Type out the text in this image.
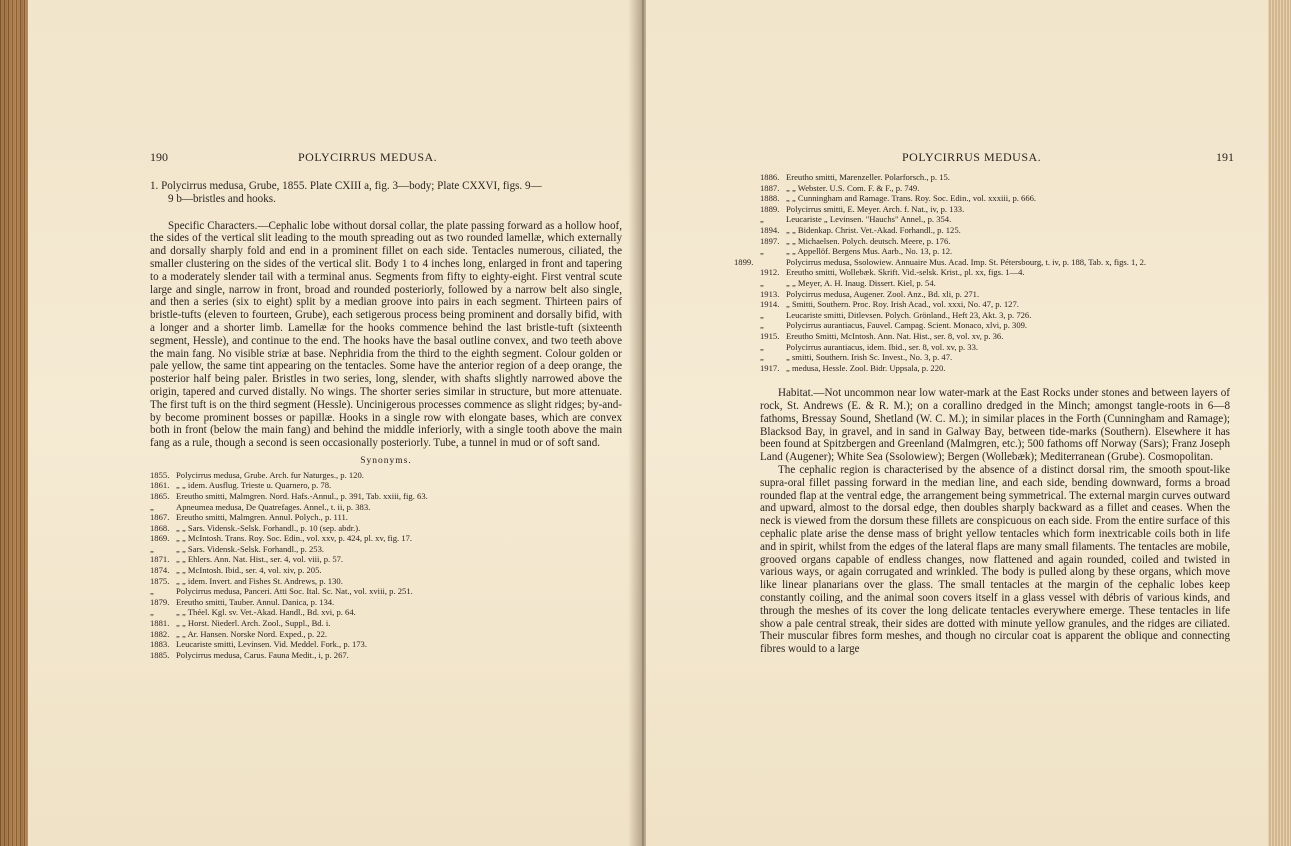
190	POLYCIRRUS MEDUSA.

1. Polycirrus medusa, Grube, 1855. Plate CXIII a, fig. 3—body; Plate CXXVI, figs. 9—
9 b—bristles and hooks.

Specific Characters.—Cephalic lobe without dorsal collar, the plate passing forward as a hollow hoof, the sides of the vertical slit leading to the mouth spreading out as two rounded lamellæ, which externally and dorsally sharply fold and end in a prominent fillet on each side. Tentacles numerous, ciliated, the smaller clustering on the sides of the vertical slit. Body 1 to 4 inches long, enlarged in front and tapering to a moderately slender tail with a terminal anus. Segments from fifty to eighty-eight. First ventral scute large and single, narrow in front, broad and rounded posteriorly, followed by a narrow belt also single, and then a series (six to eight) split by a median groove into pairs in each segment. Thirteen pairs of bristle-tufts (eleven to fourteen, Grube), each setigerous process being prominent and dorsally bifid, with a longer and a shorter limb. Lamellæ for the hooks commence behind the last bristle-tuft (sixteenth segment, Hessle), and continue to the end. The hooks have the basal outline convex, and two teeth above the main fang. No visible striæ at base. Nephridia from the third to the eighth segment. Colour golden or pale yellow, the same tint appearing on the tentacles. Some have the anterior region of a deep orange, the posterior half being paler. Bristles in two series, long, slender, with shafts slightly narrowed above the origin, tapered and curved distally. No wings. The shorter series similar in structure, but more attenuate. The first tuft is on the third segment (Hessle). Uncinigerous processes commence as slight ridges; by-and-by become prominent bosses or papillæ. Hooks in a single row with elongate bases, which are convex both in front (below the main fang) and behind the middle inferiorly, with a single tooth above the main fang as a rule, though a second is seen occasionally posteriorly. Tube, a tunnel in mud or of soft sand.

Synonyms.
1855. Polycirrus medusa, Grube. Arch. fur Naturges., p. 120.
1861. „ „ idem. Ausflug. Trieste u. Quarnero, p. 78.
1865. Ereutho smitti, Malmgren. Nord. Hafs.-Annul., p. 391, Tab. xxiii, fig. 63.
„	Apneumea medusa, De Quatrefages. Annel., t. ii, p. 383.
1867. Ereutho smitti, Malmgren. Annul. Polych., p. 111.
1868. „ „ Sars. Vidensk.-Selsk. Forhandl., p. 10 (sep. abdr.).
1869. „ „ McIntosh. Trans. Roy. Soc. Edin., vol. xxv, p. 424, pl. xv, fig. 17.
„	„ „ Sars. Vidensk.-Selsk. Forhandl., p. 253.
1871. „ „ Ehlers. Ann. Nat. Hist., ser. 4, vol. viii, p. 57.
1874. „ „ McIntosh. Ibid., ser. 4, vol. xiv, p. 205.
1875. „ „ idem. Invert. and Fishes St. Andrews, p. 130.
„	Polycirrus medusa, Panceri. Atti Soc. Ital. Sc. Nat., vol. xviii, p. 251.
1879. Ereutho smitti, Tauber. Annul. Danica, p. 134.
„	„ „ Théel. Kgl. sv. Vet.-Akad. Handl., Bd. xvi, p. 64.
1881. „ „ Horst. Niederl. Arch. Zool., Suppl., Bd. i.
1882. „ „ Ar. Hansen. Norske Nord. Exped., p. 22.
1883. Leucariste smitti, Levinsen. Vid. Meddel. Fork., p. 173.
1885. Polycirrus medusa, Carus. Fauna Medit., i, p. 267.
POLYCIRRUS MEDUSA.	191
1886. Ereutho smitti, Marenzeller. Polarforsch., p. 15.
1887. „ „ Webster. U.S. Com. F. & F., p. 749.
1888. „ „ Cunningham and Ramage. Trans. Roy. Soc. Edin., vol. xxxiii, p. 666.
1889. Polycirrus smitti, E. Meyer. Arch. f. Nat., iv, p. 133.
„	Leucariste „ Levinsen. "Hauchs" Annel., p. 354.
1894. „ „ Bidenkap. Christ. Vet.-Akad. Forhandl., p. 125.
1897. „ „ Michaelsen. Polych. deutsch. Meere, p. 176.
„	„ „ Appellöf. Bergens Mus. Aarb., No. 13, p. 12.
1899.	Polycirrus medusa, Ssolowiew. Annuaire Mus. Acad. Imp. St. Pétersbourg, t. iv, p. 188, Tab. x, figs. 1, 2.
1912. Ereutho smitti, Wollebæk. Skrift. Vid.-selsk. Krist., pl. xx, figs. 1—4.
„	„ „ Meyer, A. H. Inaug. Dissert. Kiel, p. 54.
1913. Polycirrus medusa, Augener. Zool. Anz., Bd. xli, p. 271.
1914. „ Smitti, Southern. Proc. Roy. Irish Acad., vol. xxxi, No. 47, p. 127.
„	Leucariste smitti, Ditlevsen. Polych. Grönland., Heft 23, Akt. 3, p. 726.
„	Polycirrus aurantiacus, Fauvel. Campag. Scient. Monaco, xlvi, p. 309.
1915. Ereutho Smitti, McIntosh. Ann. Nat. Hist., ser. 8, vol. xv, p. 36.
„	Polycirrus aurantiacus, idem. Ibid., ser. 8, vol. xv, p. 33.
„	„ smitti, Southern. Irish Sc. Invest., No. 3, p. 47.
1917. „ medusa, Hessle. Zool. Bidr. Uppsala, p. 220.

Habitat.—Not uncommon near low water-mark at the East Rocks under stones and between layers of rock, St. Andrews (E. & R. M.); on a corallino dredged in the Minch; amongst tangle-roots in 6—8 fathoms, Bressay Sound, Shetland (W. C. M.); in similar places in the Forth (Cunningham and Ramage); Blacksod Bay, in gravel, and in sand in Galway Bay, between tide-marks (Southern). Elsewhere it has been found at Spitzbergen and Greenland (Malmgren, etc.); 500 fathoms off Norway (Sars); Franz Joseph Land (Augener); White Sea (Ssolowiew); Bergen (Wollebæk); Mediterranean (Grube). Cosmopolitan.

The cephalic region is characterised by the absence of a distinct dorsal rim, the smooth spout-like supra-oral fillet passing forward in the median line, and each side, bending downward, forms a broad rounded flap at the ventral edge, the arrangement being symmetrical. The external margin curves outward and upward, almost to the dorsal edge, then doubles sharply backward as a fillet and ceases. When the neck is viewed from the dorsum these fillets are conspicuous on each side. From the entire surface of this cephalic plate arise the dense mass of bright yellow tentacles which form inextricable coils both in life and in spirit, whilst from the edges of the lateral flaps are many small filaments. The tentacles are mobile, grooved organs capable of endless changes, now flattened and again rounded, coiled and twisted in various ways, or again corrugated and wrinkled. The body is pulled along by these organs, which move like linear planarians over the glass. The small tentacles at the margin of the cephalic lobes keep constantly coiling, and the animal soon covers itself in a glass vessel with débris of various kinds, and through the meshes of its cover the long delicate tentacles everywhere emerge. These tentacles in life show a pale central streak, their sides are dotted with minute yellow granules, and the ridges are ciliated. Their muscular fibres form meshes, and though no circular coat is apparent the oblique and connecting fibres would to a large
